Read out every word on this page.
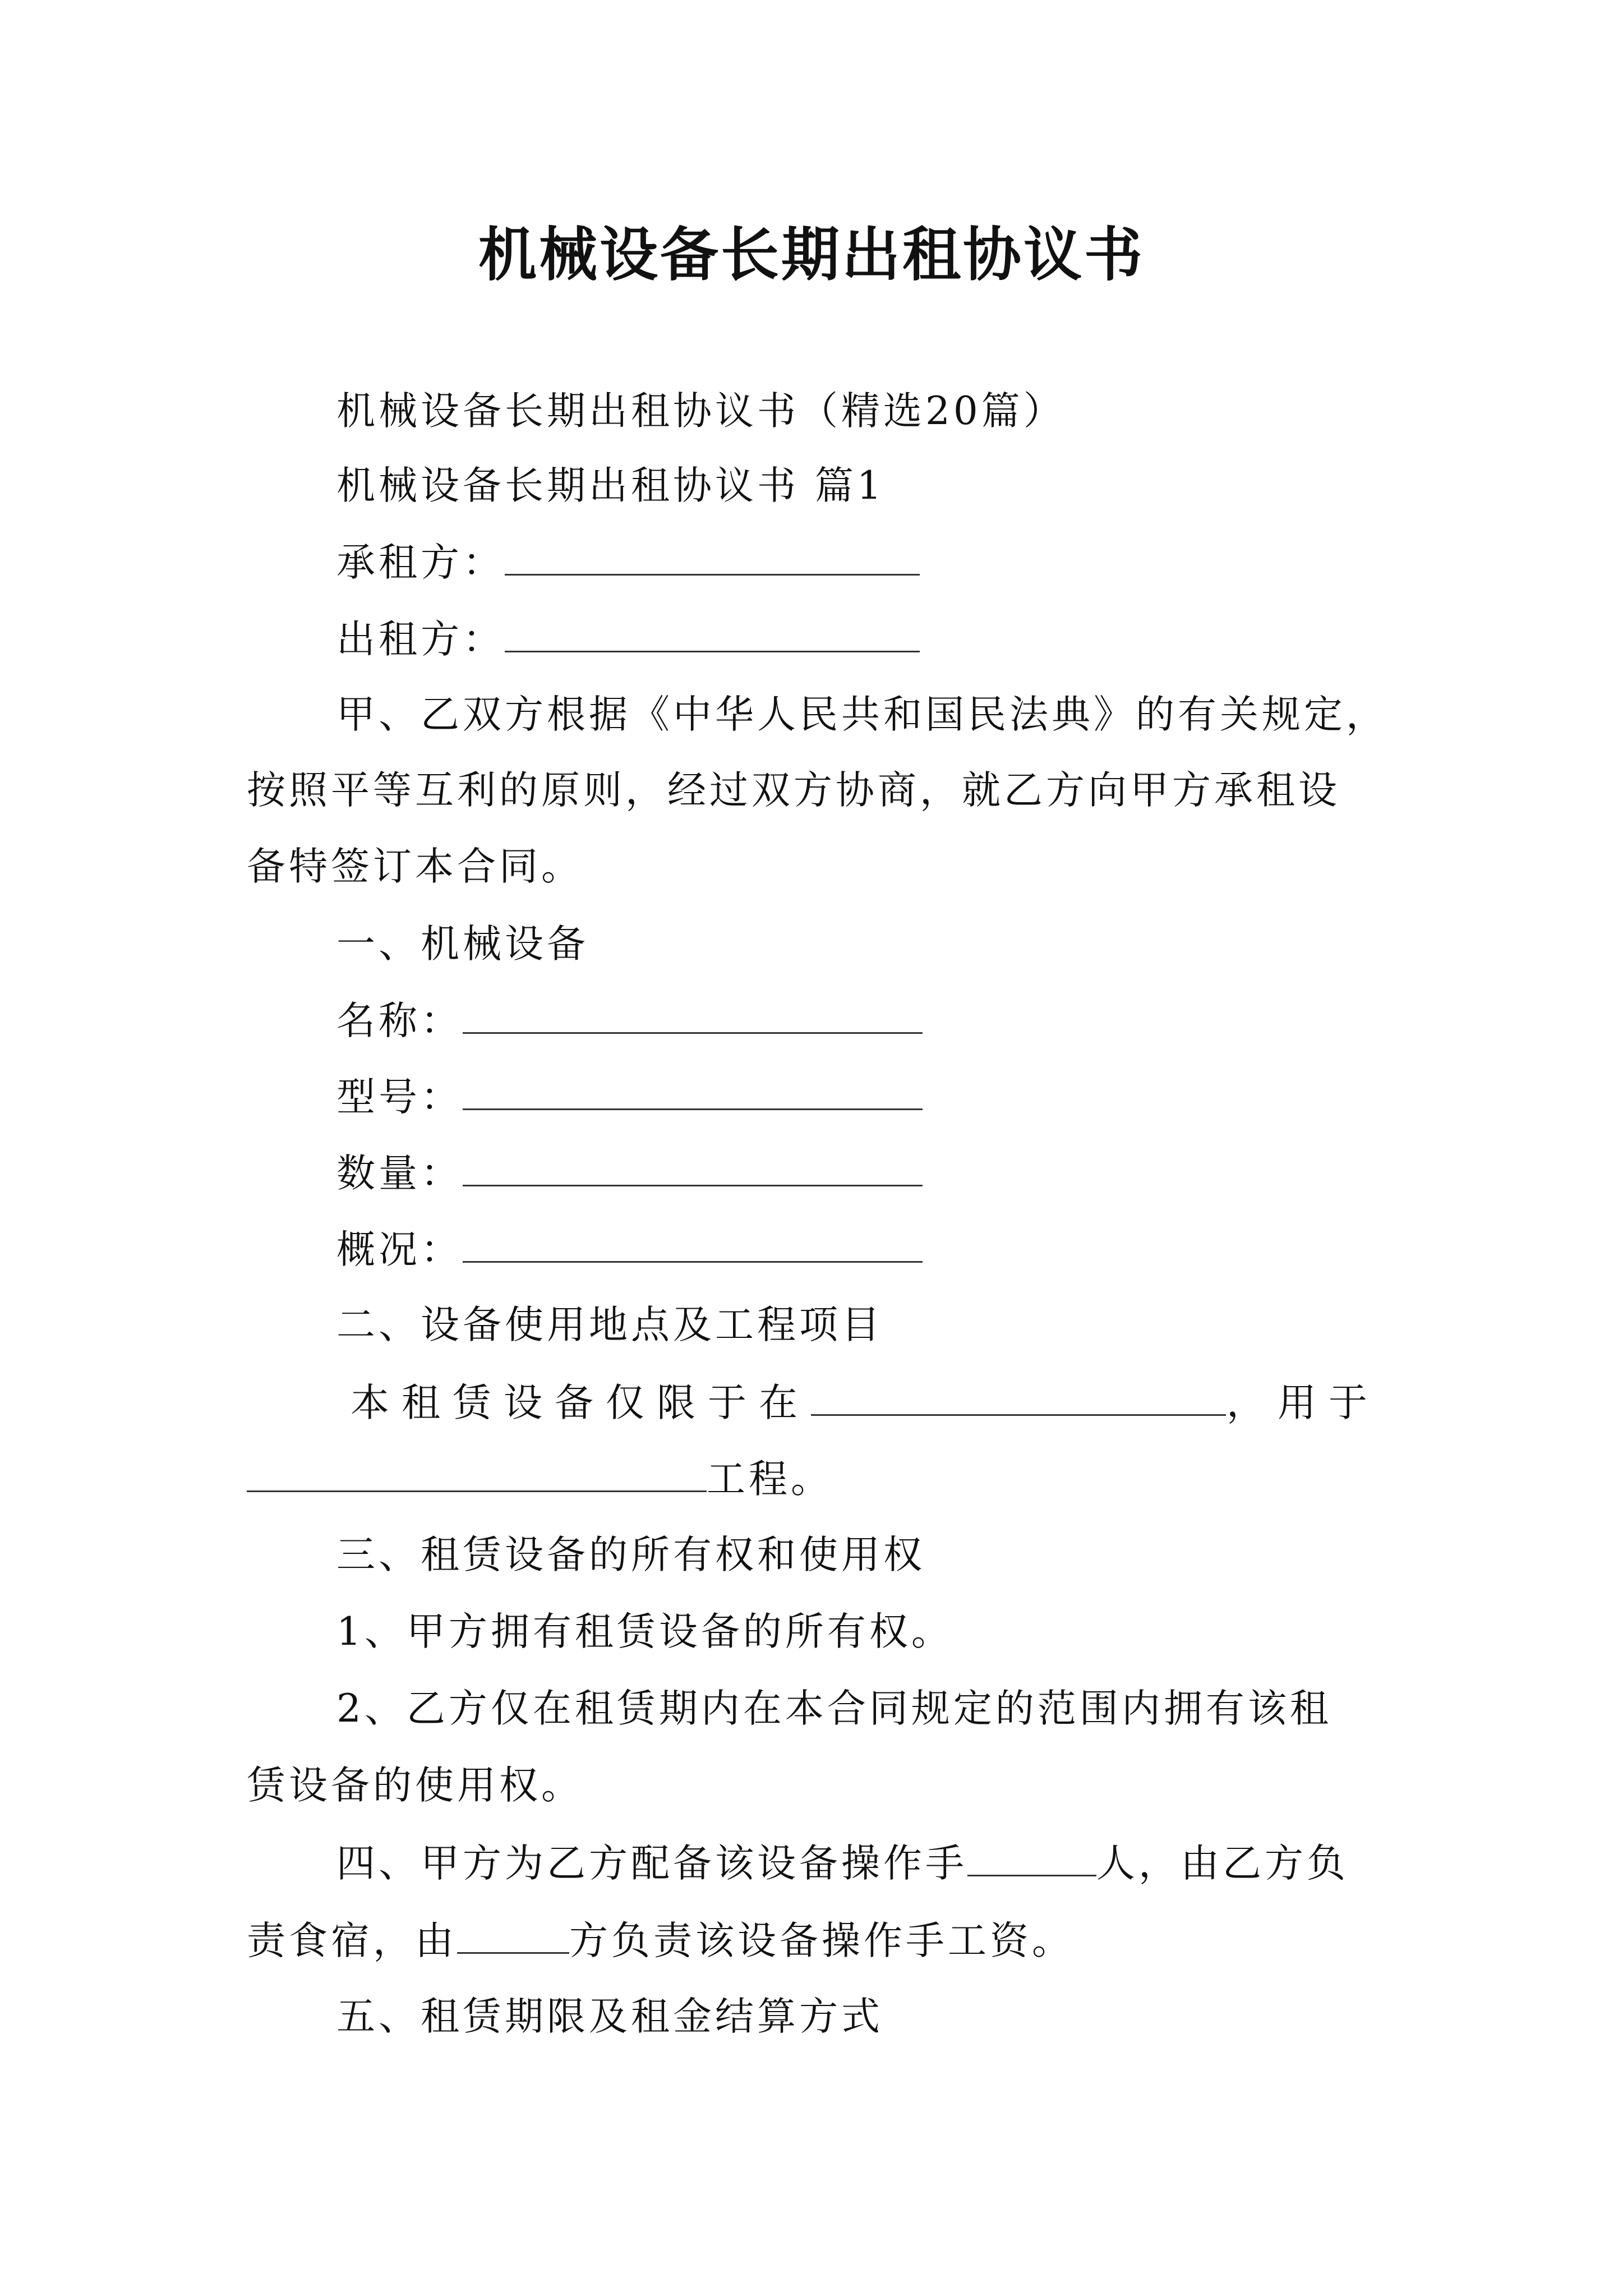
机械设备长期出租协议书
机械设备长期出租协议书（精选20篇）
机械设备长期出租协议书 篇1
承租方：
出租方：
甲、乙双方根据《中华人民共和国民法典》的有关规定，
按照平等互利的原则，经过双方协商，就乙方向甲方承租设
备特签订本合同。
一、机械设备
名称：
型号：
数量：
概况：
二、设备使用地点及工程项目
本租赁设备仅限于在	，用于
工程。
三、租赁设备的所有权和使用权
1、甲方拥有租赁设备的所有权。
2、乙方仅在租赁期内在本合同规定的范围内拥有该租
赁设备的使用权。
四、甲方为乙方配备该设备操作手	人，由乙方负
责食宿，由	方负责该设备操作手工资。
五、租赁期限及租金结算方式
